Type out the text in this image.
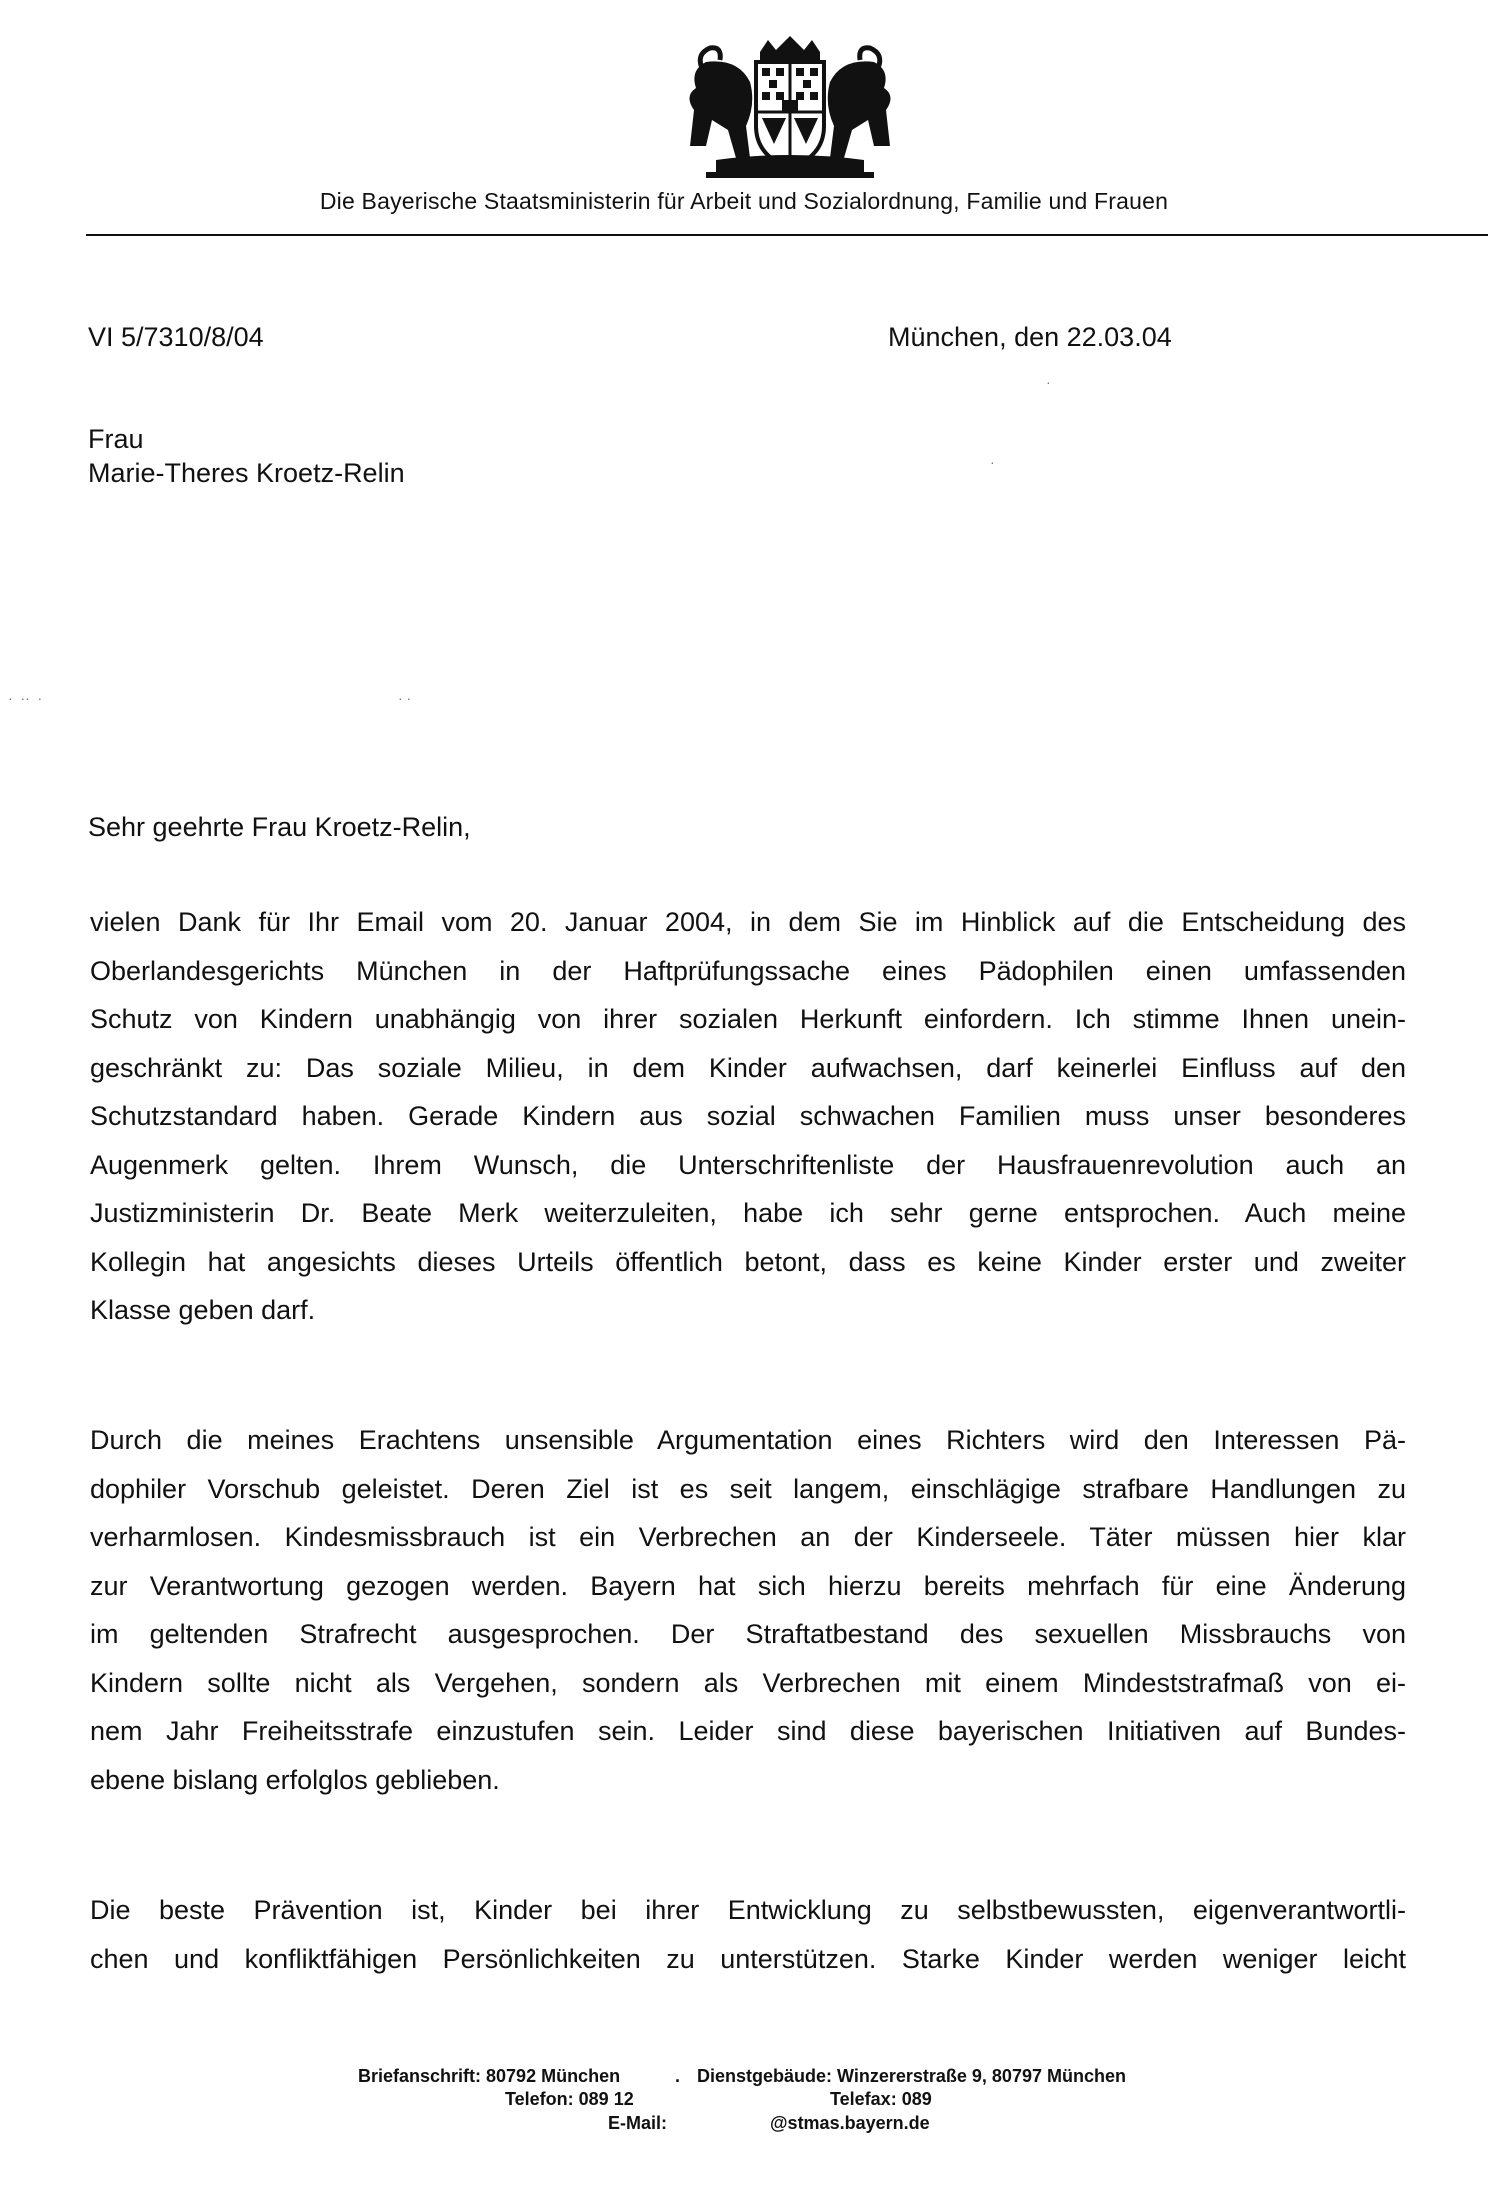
Die Bayerische Staatsministerin für Arbeit und Sozialordnung, Familie und Frauen
VI 5/7310/8/04	München, den 22.03.04
Frau
Marie-Theres Kroetz-Relin
·  ··  ·	· ·
·
·
Sehr geehrte Frau Kroetz-Relin,
vielen Dank für Ihr Email vom 20. Januar 2004, in dem Sie im Hinblick auf die Entscheidung des
Oberlandesgerichts München in der Haftprüfungssache eines Pädophilen einen umfassenden
Schutz von Kindern unabhängig von ihrer sozialen Herkunft einfordern. Ich stimme Ihnen unein-
geschränkt zu: Das soziale Milieu, in dem Kinder aufwachsen, darf keinerlei Einfluss auf den
Schutzstandard haben. Gerade Kindern aus sozial schwachen Familien muss unser besonderes
Augenmerk gelten. Ihrem Wunsch, die Unterschriftenliste der Hausfrauenrevolution auch an
Justizministerin Dr. Beate Merk weiterzuleiten, habe ich sehr gerne entsprochen. Auch meine
Kollegin hat angesichts dieses Urteils öffentlich betont, dass es keine Kinder erster und zweiter
Klasse geben darf.
Durch die meines Erachtens unsensible Argumentation eines Richters wird den Interessen Pä-
dophiler Vorschub geleistet. Deren Ziel ist es seit langem, einschlägige strafbare Handlungen zu
verharmlosen. Kindesmissbrauch ist ein Verbrechen an der Kinderseele. Täter müssen hier klar
zur Verantwortung gezogen werden. Bayern hat sich hierzu bereits mehrfach für eine Änderung
im geltenden Strafrecht ausgesprochen. Der Straftatbestand des sexuellen Missbrauchs von
Kindern sollte nicht als Vergehen, sondern als Verbrechen mit einem Mindeststrafmaß von ei-
nem Jahr Freiheitsstrafe einzustufen sein. Leider sind diese bayerischen Initiativen auf Bundes-
ebene bislang erfolglos geblieben.
Die beste Prävention ist, Kinder bei ihrer Entwicklung zu selbstbewussten, eigenverantwortli-
chen und konfliktfähigen Persönlichkeiten zu unterstützen. Starke Kinder werden weniger leicht
Briefanschrift: 80792 München	. Dienstgebäude: Winzererstraße 9, 80797 München
Telefon: 089 12	Telefax: 089
E-Mail:	@stmas.bayern.de
